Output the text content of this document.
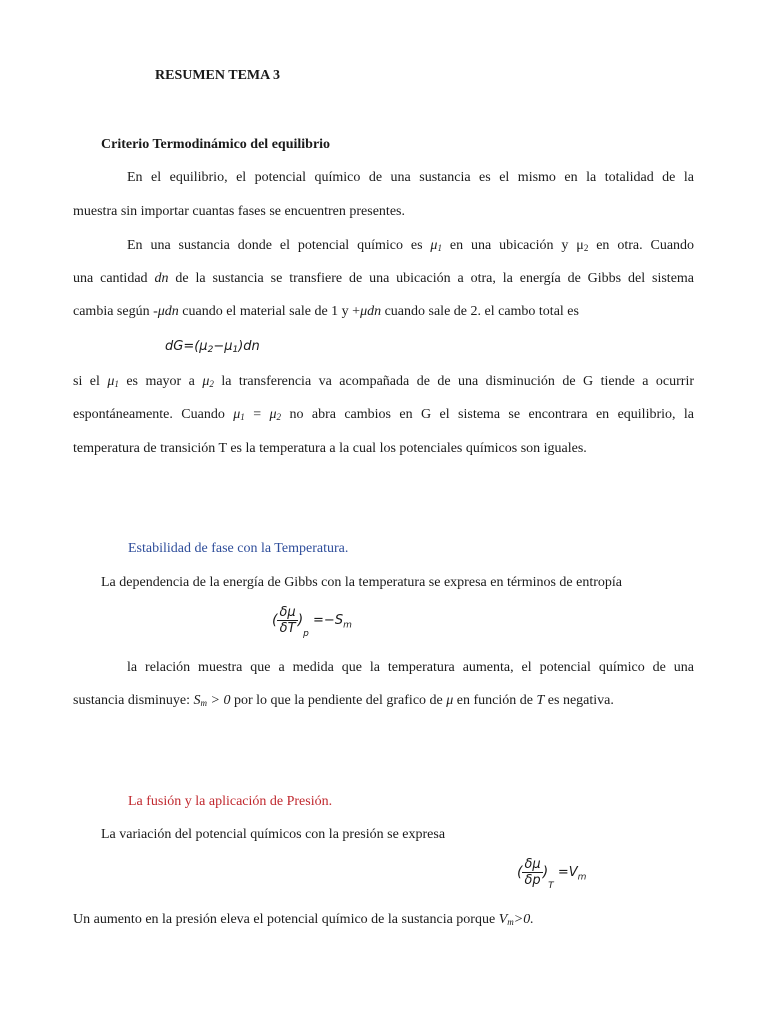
RESUMEN TEMA 3
Criterio Termodinámico del equilibrio
En el equilibrio, el potencial químico de una sustancia es el mismo en la totalidad de la
muestra sin importar cuantas fases se encuentren presentes.
En una sustancia donde el potencial químico es $\mu_1$ en una ubicación y $\mu_2$ en otra. Cuando
una cantidad dn de la sustancia se transfiere de una ubicación a otra, la energía de Gibbs del sistema
cambia según -μdn cuando el material sale de 1 y +μdn cuando sale de 2. el cambo total es
$dG=(\mu_2-\mu_1)dn$
si el $\mu_1$ es mayor a $\mu_2$ la transferencia va acompañada de de una disminución de G tiende a ocurrir
espontáneamente. Cuando $\mu_1 = \mu_2$ no abra cambios en G el sistema se encontrara en equilibrio, la
temperatura de transición T es la temperatura a la cual los potenciales químicos son iguales.
Estabilidad de fase con la Temperatura.
La dependencia de la energía de Gibbs con la temperatura se expresa en términos de entropía
( $\frac{\delta\mu}{\delta T} )_p =-S_m$
la relación muestra que a medida que la temperatura aumenta, el potencial químico de una
sustancia disminuye: $S_m > 0$ por lo que la pendiente del grafico de μ en función de T es negativa.
La fusión y la aplicación de Presión.
La variación del potencial químicos con la presión se expresa
( $\frac{\delta\mu}{\delta p} )_T =V_m$
Un aumento en la presión eleva el potencial químico de la sustancia porque $V_m>0$.
